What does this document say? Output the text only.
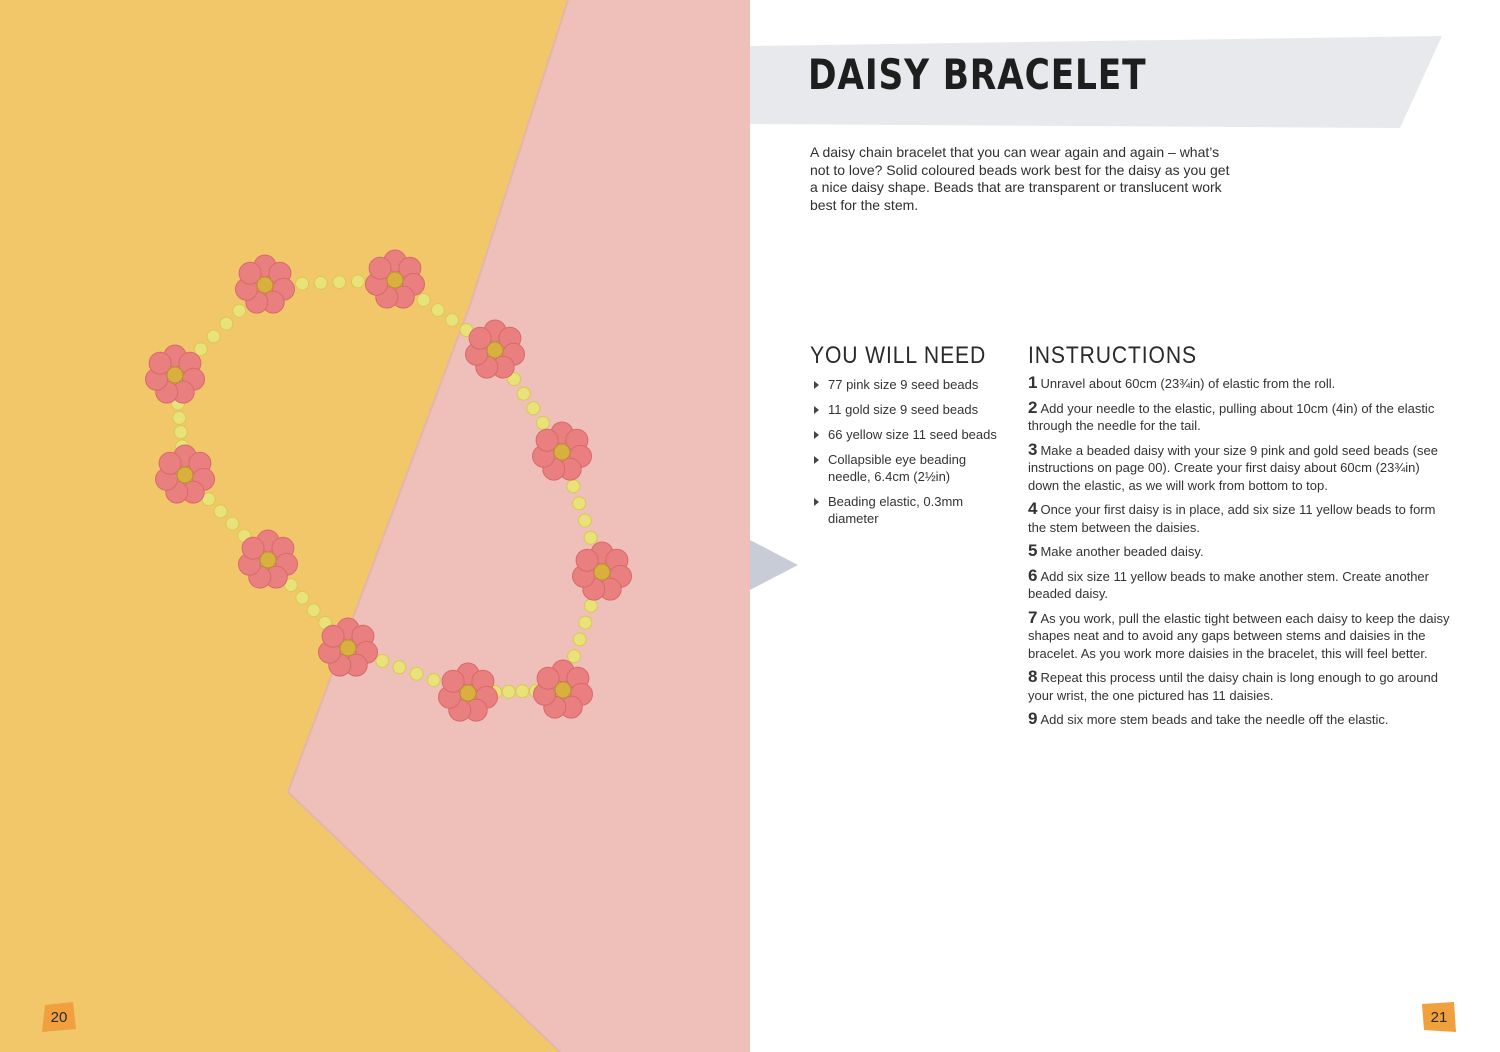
20
DAISY BRACELET

A daisy chain bracelet that you can wear again and again – what’s not to love? Solid coloured beads work best for the daisy as you get a nice daisy shape. Beads that are transparent or translucent work best for the stem.

YOU WILL NEED
77 pink size 9 seed beads
11 gold size 9 seed beads
66 yellow size 11 seed beads
Collapsible eye beading needle, 6.4cm (2½in)
Beading elastic, 0.3mm diameter
INSTRUCTIONS
1 Unravel about 60cm (23¾in) of elastic from the roll.
2 Add your needle to the elastic, pulling about 10cm (4in) of the elastic through the needle for the tail.
3 Make a beaded daisy with your size 9 pink and gold seed beads (see instructions on page 00). Create your first daisy about 60cm (23¾in) down the elastic, as we will work from bottom to top.
4 Once your first daisy is in place, add six size 11 yellow beads to form the stem between the daisies.
5 Make another beaded daisy.
6 Add six size 11 yellow beads to make another stem. Create another beaded daisy.
7 As you work, pull the elastic tight between each daisy to keep the daisy shapes neat and to avoid any gaps between stems and daisies in the bracelet. As you work more daisies in the bracelet, this will feel better.
8 Repeat this process until the daisy chain is long enough to go around your wrist, the one pictured has 11 daisies.
9 Add six more stem beads and take the needle off the elastic.
21
